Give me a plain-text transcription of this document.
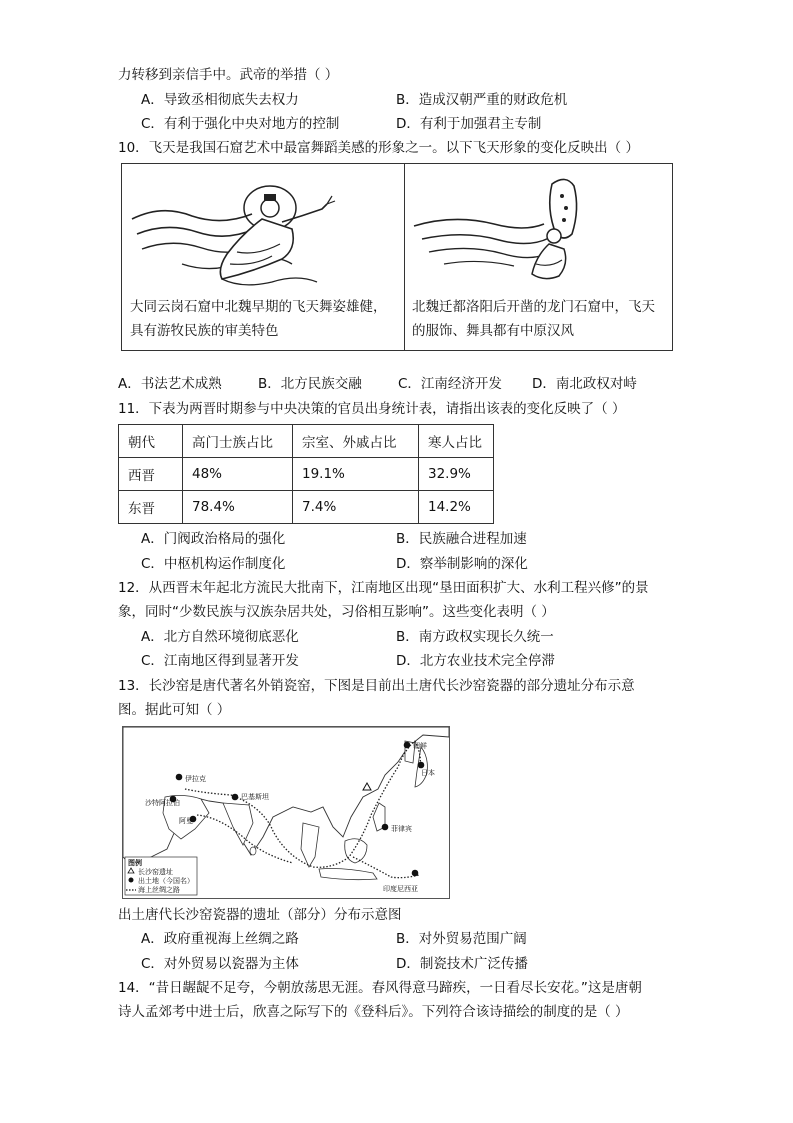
力转移到亲信手中。武帝的举措（ ）
A．导致丞相彻底失去权力	B．造成汉朝严重的财政危机
C．有利于强化中央对地方的控制	D．有利于加强君主专制
10．飞天是我国石窟艺术中最富舞蹈美感的形象之一。以下飞天形象的变化反映出（ ）
大同云岗石窟中北魏早期的飞天舞姿雄健，
具有游牧民族的审美特色
北魏迁都洛阳后开凿的龙门石窟中，飞天
的服饰、舞具都有中原汉风
A．书法艺术成熟	B．北方民族交融	C．江南经济开发 D．南北政权对峙
11．下表为两晋时期参与中央决策的官员出身统计表，请指出该表的变化反映了（ ）
朝代	高门士族占比	宗室、外戚占比	寒人占比
西晋	48%	19.1%	32.9%
东晋	78.4%	7.4%	14.2%
A．门阀政治格局的强化	B．民族融合进程加速
C．中枢机构运作制度化	D．察举制影响的深化
12．从西晋末年起北方流民大批南下，江南地区出现“垦田面积扩大、水利工程兴修”的景
象，同时“少数民族与汉族杂居共处，习俗相互影响”。这些变化表明（ ）
A．北方自然环境彻底恶化	B．南方政权实现长久统一
C．江南地区得到显著开发	D．北方农业技术完全停滞
13．长沙窑是唐代著名外销瓷窑，下图是目前出土唐代长沙窑瓷器的部分遗址分布示意
图。据此可知（ ）
伊拉克
沙特阿拉伯
阿曼
巴基斯坦
朝鲜
日本
菲律宾
印度尼西亚
图例
长沙窑遗址
出土地（今国名）
海上丝绸之路
出土唐代长沙窑瓷器的遗址（部分）分布示意图
A．政府重视海上丝绸之路	B．对外贸易范围广阔
C．对外贸易以瓷器为主体	D．制瓷技术广泛传播
14．“昔日龌龊不足夸，今朝放荡思无涯。春风得意马蹄疾，一日看尽长安花。”这是唐朝
诗人孟郊考中进士后，欣喜之际写下的《登科后》。下列符合该诗描绘的制度的是（ ）
